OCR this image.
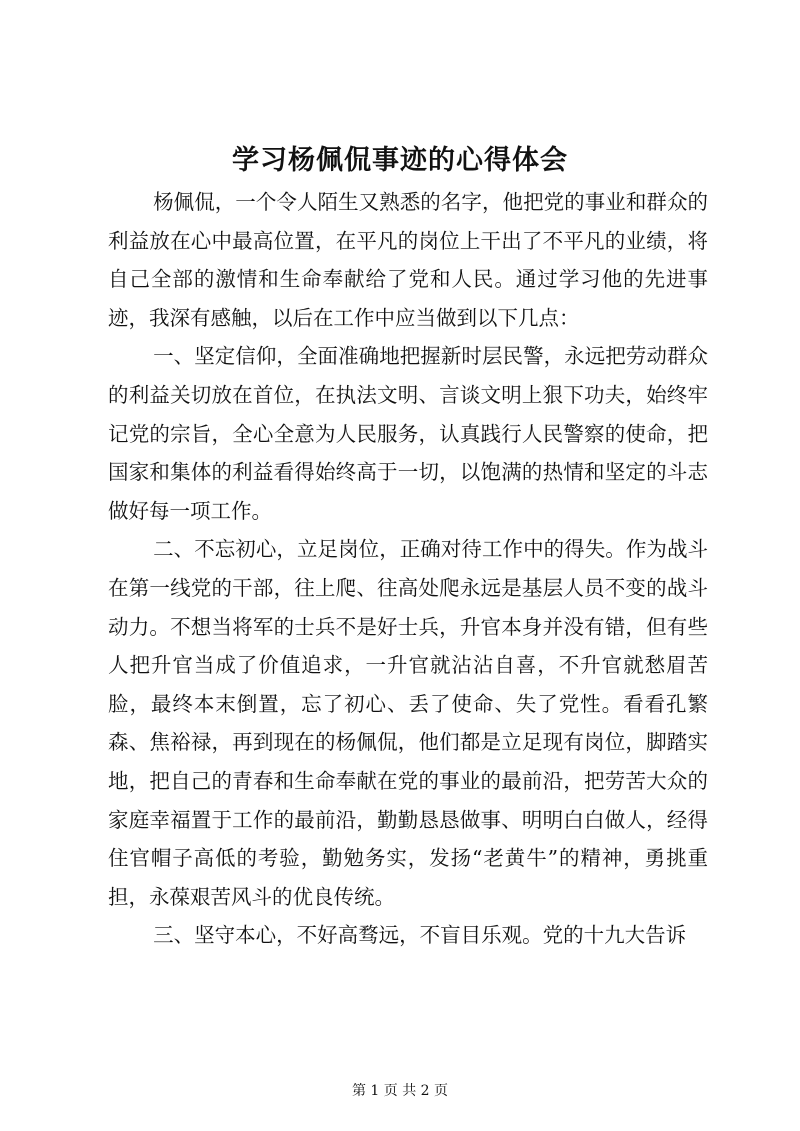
学习杨佩侃事迹的心得体会

杨佩侃，一个令人陌生又熟悉的名字，他把党的事业和群众的利益放在心中最高位置，在平凡的岗位上干出了不平凡的业绩，将自己全部的激情和生命奉献给了党和人民。通过学习他的先进事迹，我深有感触，以后在工作中应当做到以下几点：

一、坚定信仰，全面准确地把握新时层民警，永远把劳动群众的利益关切放在首位，在执法文明、言谈文明上狠下功夫，始终牢记党的宗旨，全心全意为人民服务，认真践行人民警察的使命，把国家和集体的利益看得始终高于一切，以饱满的热情和坚定的斗志做好每一项工作。

二、不忘初心，立足岗位，正确对待工作中的得失。作为战斗在第一线党的干部，往上爬、往高处爬永远是基层人员不变的战斗动力。不想当将军的士兵不是好士兵，升官本身并没有错，但有些人把升官当成了价值追求，一升官就沾沾自喜，不升官就愁眉苦脸，最终本末倒置，忘了初心、丢了使命、失了党性。看看孔繁森、焦裕禄，再到现在的杨佩侃，他们都是立足现有岗位，脚踏实地，把自己的青春和生命奉献在党的事业的最前沿，把劳苦大众的家庭幸福置于工作的最前沿，勤勤恳恳做事、明明白白做人，经得住官帽子高低的考验，勤勉务实，发扬“老黄牛”的精神，勇挑重担，永葆艰苦风斗的优良传统。

三、坚守本心，不好高骛远，不盲目乐观。党的十九大告诉

第 1 页 共 2 页
